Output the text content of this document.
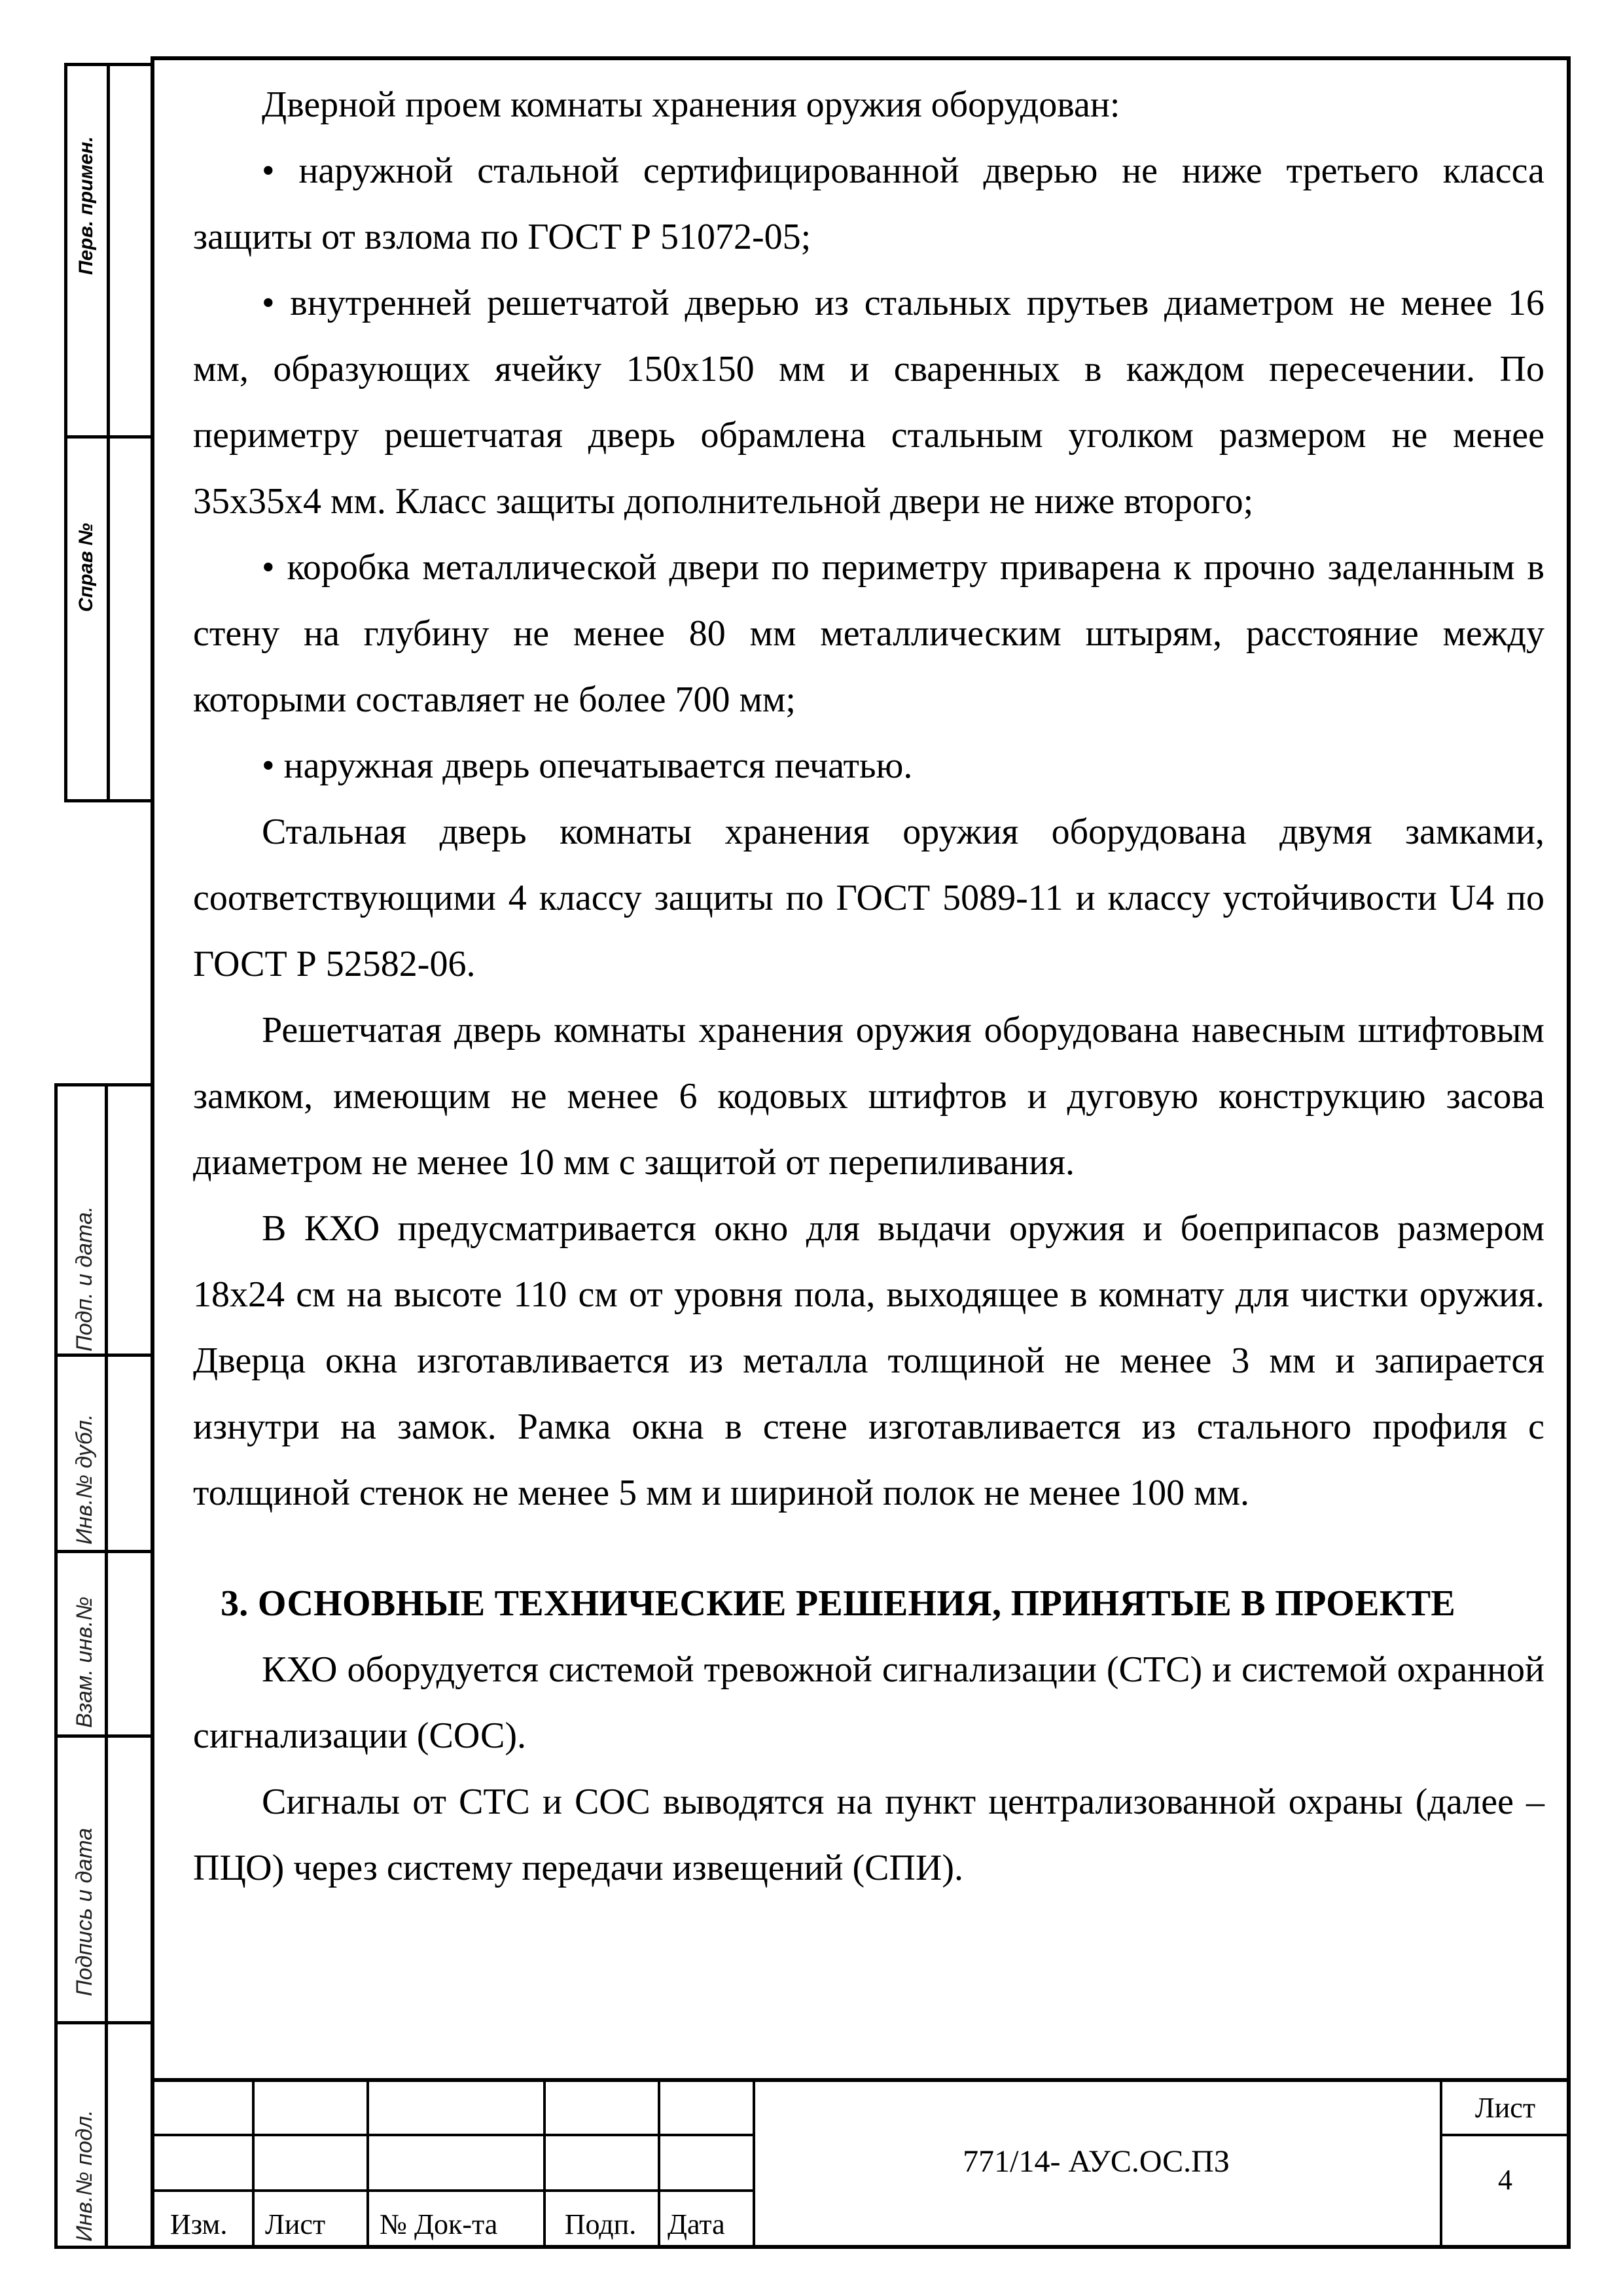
Перв. примен.
Справ №
Подп. и дата.
Инв.№ дубл.
Взам. инв.№
Подпись и дата
Инв.№ подл.

Дверной проем комнаты хранения оружия оборудован:

• наружной стальной сертифицированной дверью не ниже третьего класса защиты от взлома по ГОСТ Р 51072-05;

• внутренней решетчатой дверью из стальных прутьев диаметром не менее 16 мм, образующих ячейку 150х150 мм и сваренных в каждом пересечении. По периметру решетчатая дверь обрамлена стальным уголком размером не менее 35х35х4 мм. Класс защиты дополнительной двери не ниже второго;

• коробка металлической двери по периметру приварена к прочно заделанным в стену на глубину не менее 80 мм металлическим штырям, расстояние между которыми составляет не более 700 мм;

• наружная дверь опечатывается печатью.

Стальная дверь комнаты хранения оружия оборудована двумя замками, соответствующими 4 классу защиты по ГОСТ 5089-11 и классу устойчивости U4 по ГОСТ Р 52582-06.

Решетчатая дверь комнаты хранения оружия оборудована навесным штифтовым замком, имеющим не менее 6 кодовых штифтов и дуговую конструкцию засова диаметром не менее 10 мм с защитой от перепиливания.

В КХО предусматривается окно для выдачи оружия и боеприпасов размером 18х24 см на высоте 110 см от уровня пола, выходящее в комнату для чистки оружия. Дверца окна изготавливается из металла толщиной не менее 3 мм и запирается изнутри на замок. Рамка окна в стене изготавливается из стального профиля с толщиной стенок не менее 5 мм и шириной полок не менее 100 мм.

3. ОСНОВНЫЕ ТЕХНИЧЕСКИЕ РЕШЕНИЯ, ПРИНЯТЫЕ В ПРОЕКТЕ

КХО оборудуется системой тревожной сигнализации (СТС) и системой охранной сигнализации (СОС).

Сигналы от СТС и СОС выводятся на пункт централизованной охраны (далее – ПЦО) через систему передачи извещений (СПИ).

Изм. Лист № Док-та	Подп.	Дата
771/14- АУС.ОС.ПЗ
Лист
4
